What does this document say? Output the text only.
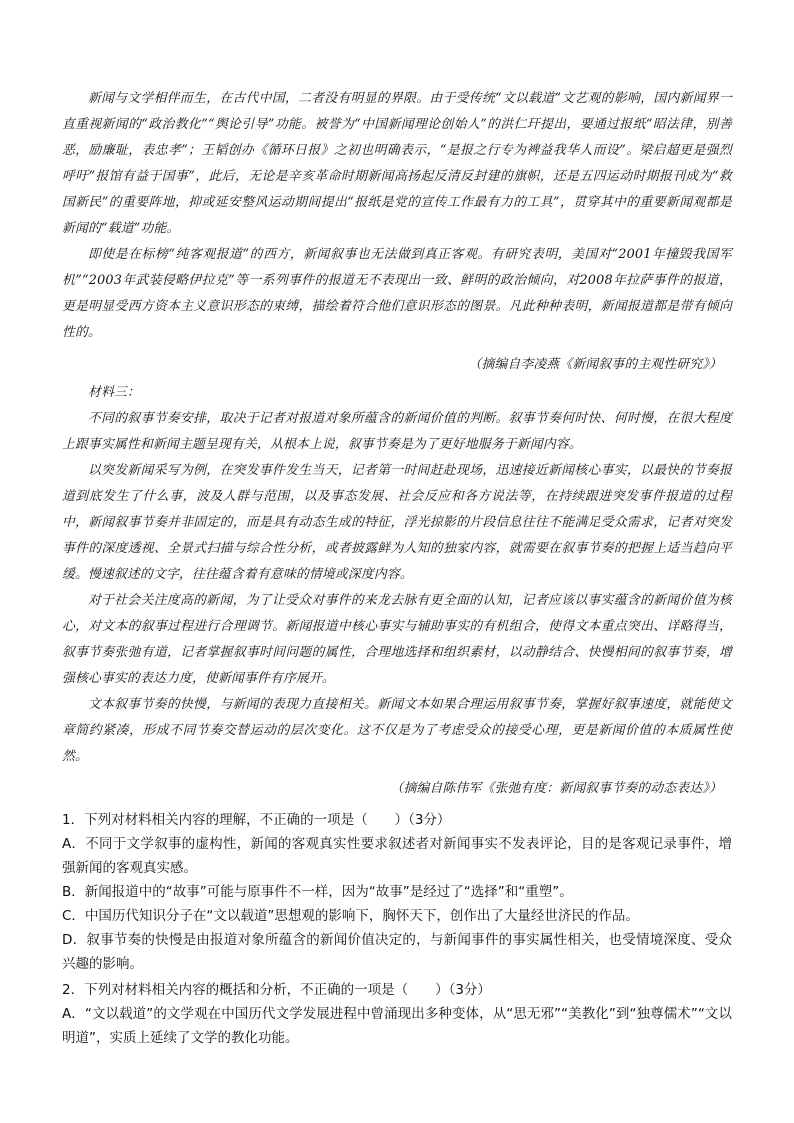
新闻与文学相伴而生，在古代中国，二者没有明显的界限。由于受传统“文以载道”文艺观的影响，国内新闻界一直重视新闻的“政治教化”“舆论引导”功能。被誉为“中国新闻理论创始人”的洪仁玕提出，要通过报纸“昭法律，别善恶，励廉耻，表忠孝”；王韬创办《循环日报》之初也明确表示，“是报之行专为裨益我华人而设”。梁启超更是强烈呼吁“报馆有益于国事”，此后，无论是辛亥革命时期新闻高扬起反清反封建的旗帜，还是五四运动时期报刊成为“救国新民”的重要阵地，抑或延安整风运动期间提出“报纸是党的宣传工作最有力的工具”，贯穿其中的重要新闻观都是新闻的“载道”功能。

即使是在标榜“纯客观报道”的西方，新闻叙事也无法做到真正客观。有研究表明，美国对“2001年撞毁我国军机”“2003年武装侵略伊拉克”等一系列事件的报道无不表现出一致、鲜明的政治倾向，对2008年拉萨事件的报道，更是明显受西方资本主义意识形态的束缚，描绘着符合他们意识形态的图景。凡此种种表明，新闻报道都是带有倾向性的。

（摘编自李凌燕《新闻叙事的主观性研究》）

材料三：

不同的叙事节奏安排，取决于记者对报道对象所蕴含的新闻价值的判断。叙事节奏何时快、何时慢，在很大程度上跟事实属性和新闻主题呈现有关，从根本上说，叙事节奏是为了更好地服务于新闻内容。

以突发新闻采写为例，在突发事件发生当天，记者第一时间赶赴现场，迅速接近新闻核心事实，以最快的节奏报道到底发生了什么事，波及人群与范围，以及事态发展、社会反应和各方说法等，在持续跟进突发事件报道的过程中，新闻叙事节奏并非固定的，而是具有动态生成的特征，浮光掠影的片段信息往往不能满足受众需求，记者对突发事件的深度透视、全景式扫描与综合性分析，或者披露鲜为人知的独家内容，就需要在叙事节奏的把握上适当趋向平缓。慢速叙述的文字，往往蕴含着有意味的情境或深度内容。

对于社会关注度高的新闻，为了让受众对事件的来龙去脉有更全面的认知，记者应该以事实蕴含的新闻价值为核心，对文本的叙事过程进行合理调节。新闻报道中核心事实与辅助事实的有机组合，使得文本重点突出、详略得当，叙事节奏张弛有道，记者掌握叙事时间问题的属性，合理地选择和组织素材，以动静结合、快慢相间的叙事节奏，增强核心事实的表达力度，使新闻事件有序展开。

文本叙事节奏的快慢，与新闻的表现力直接相关。新闻文本如果合理运用叙事节奏，掌握好叙事速度，就能使文章简约紧凑，形成不同节奏交替运动的层次变化。这不仅是为了考虑受众的接受心理，更是新闻价值的本质属性使然。

（摘编自陈伟军《张弛有度：新闻叙事节奏的动态表达》）

1．下列对材料相关内容的理解，不正确的一项是（　　）（3分）
A．不同于文学叙事的虚构性，新闻的客观真实性要求叙述者对新闻事实不发表评论，目的是客观记录事件，增强新闻的客观真实感。
B．新闻报道中的“故事”可能与原事件不一样，因为“故事”是经过了“选择”和“重塑”。
C．中国历代知识分子在“文以载道”思想观的影响下，胸怀天下，创作出了大量经世济民的作品。
D．叙事节奏的快慢是由报道对象所蕴含的新闻价值决定的，与新闻事件的事实属性相关，也受情境深度、受众兴趣的影响。
2．下列对材料相关内容的概括和分析，不正确的一项是（　　）（3分）
A．“文以载道”的文学观在中国历代文学发展进程中曾涌现出多种变体，从“思无邪”“美教化”到“独尊儒术”“文以明道”，实质上延续了文学的教化功能。
